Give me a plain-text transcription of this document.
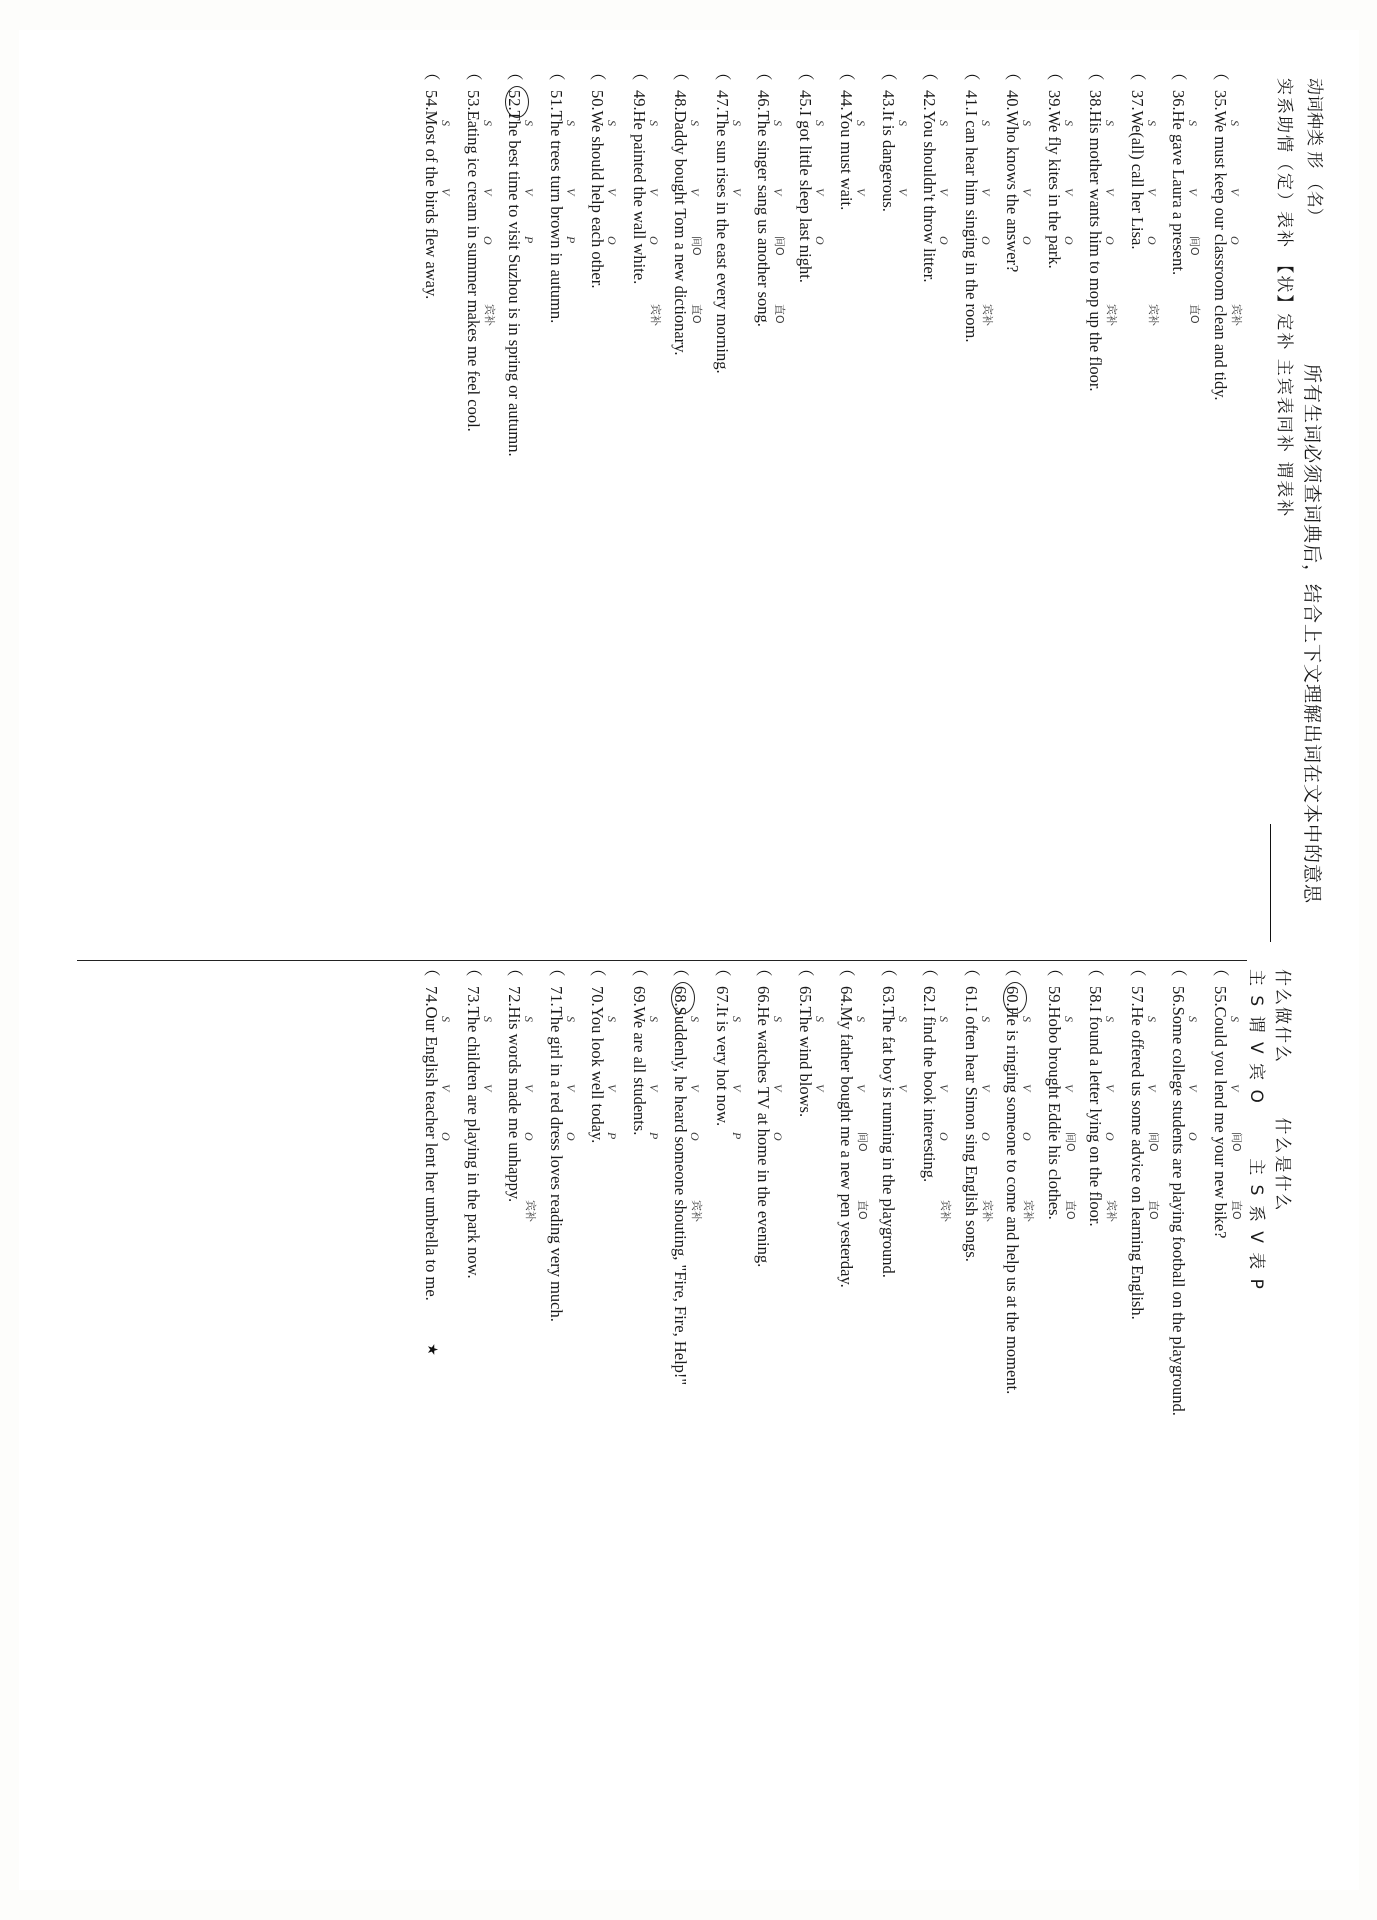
动词种类 形 （名）
实系助情（定）表补 【状】定补 主宾表同补 谓表补
所有生词必须查词典后，结合上下文理解出词在文本中的意思
什么做什么 什么是什么
主 S 谓 V 宾 O 主 S 系 V 表 P
（35.We must keep our classroom clean and tidy.
S
V
O
宾补
（36.He gave Laura a present.
S
V
间O
直O
（37.We(all) call her Lisa.
S
V
O
宾补
（38.His mother wants him to mop up the floor.
S
V
O
宾补
（39.We fly kites in the park.
S
V
O
（40.Who knows the answer?
S
V
O
（41.I can hear him singing in the room.
S
V
O
宾补
（42.You shouldn't throw litter.
S
V
O
（43.It is dangerous.
S
V
（44.You must wait.
S
V
（45.I got little sleep last night.
S
V
O
（46.The singer sang us another song.
S
V
间O
直O
（47.The sun rises in the east every morning.
S
V
（48.Daddy bought Tom a new dictionary.
S
V
间O
直O
（49.He painted the wall white.
S
V
O
宾补
（50.We should help each other.
S
V
O
（51.The trees turn brown in autumn.
S
V
P
（52.The best time to visit Suzhou is in spring or autumn.
S
V
P
（53.Eating ice cream in summer makes me feel cool.
S
V
O
宾补
（54.Most of the birds flew away.
S
V
（55.Could you lend me your new bike?
S
V
间O
直O
（56.Some college students are playing football on the playground.
S
V
O
（57.He offered us some advice on learning English.
S
V
间O
直O
（58.I found a letter lying on the floor.
S
V
O
宾补
（59.Hobo brought Eddie his clothes.
S
V
间O
直O
（60.He is ringing someone to come and help us at the moment.
S
V
O
宾补
（61.I often hear Simon sing English songs.
S
V
O
宾补
（62.I find the book interesting.
S
V
O
宾补
（63.The fat boy is running in the playground.
S
V
（64.My father bought me a new pen yesterday.
S
V
间O
直O
（65.The wind blows.
S
V
（66.He watches TV at home in the evening.
S
V
O
（67.It is very hot now.
S
V
P
（68.Suddenly, he heard someone shouting, "Fire, Fire, Help!"
S
V
O
宾补
（69.We are all students.
S
V
P
（70.You look well today.
S
V
P
（71.The girl in a red dress loves reading very much.
S
V
O
（72.His words made me unhappy.
S
V
O
宾补
（73.The children are playing in the park now.
S
V
（74.Our English teacher lent her umbrella to me.
S
V
O
★
